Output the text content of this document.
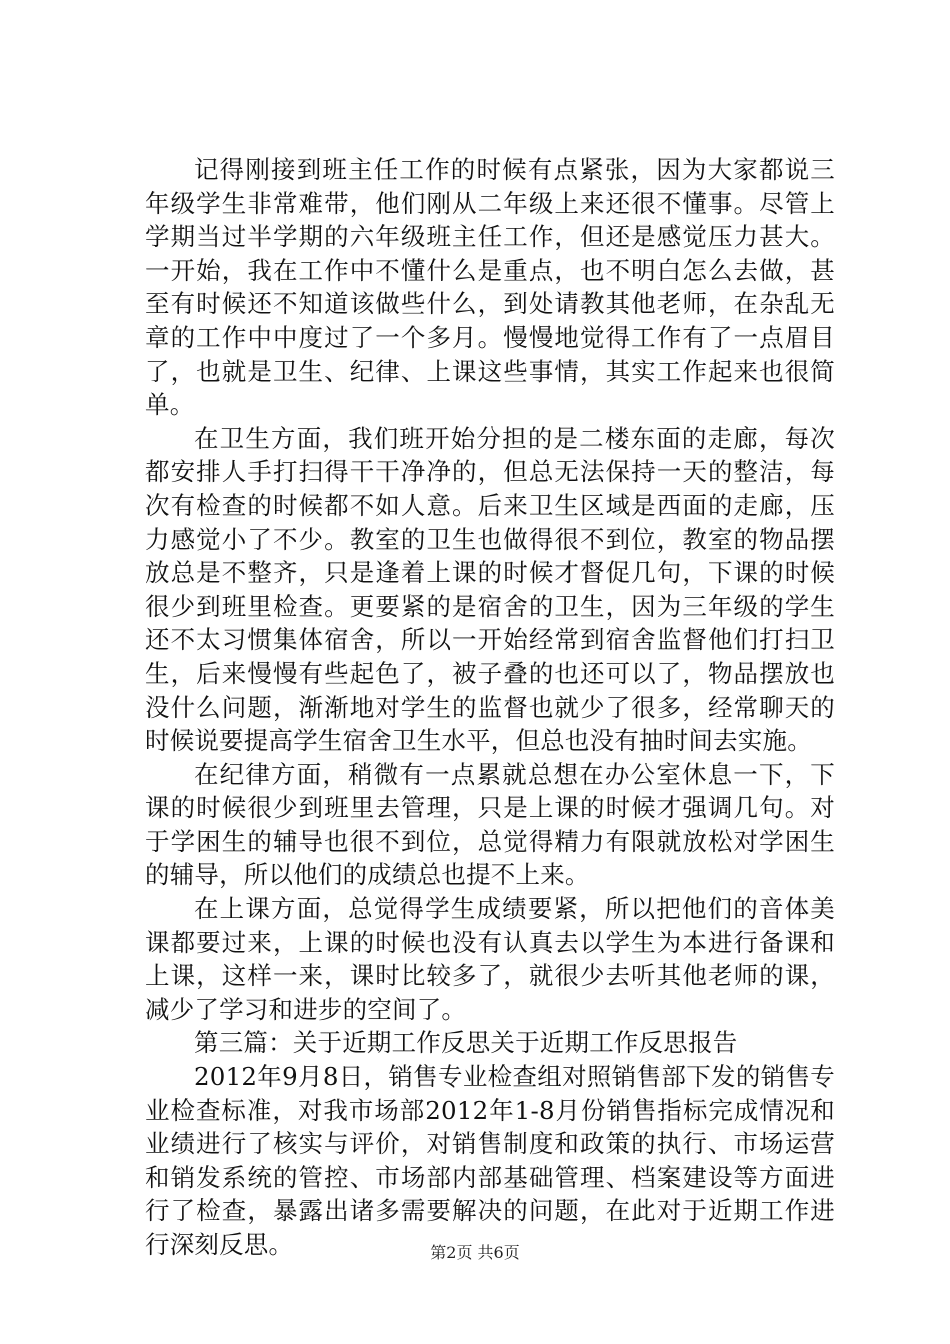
记得刚接到班主任工作的时候有点紧张，因为大家都说三年级学生非常难带，他们刚从二年级上来还很不懂事。尽管上学期当过半学期的六年级班主任工作，但还是感觉压力甚大。一开始，我在工作中不懂什么是重点，也不明白怎么去做，甚至有时候还不知道该做些什么，到处请教其他老师，在杂乱无章的工作中中度过了一个多月。慢慢地觉得工作有了一点眉目了，也就是卫生、纪律、上课这些事情，其实工作起来也很简单。

在卫生方面，我们班开始分担的是二楼东面的走廊，每次都安排人手打扫得干干净净的，但总无法保持一天的整洁，每次有检查的时候都不如人意。后来卫生区域是西面的走廊，压力感觉小了不少。教室的卫生也做得很不到位，教室的物品摆放总是不整齐，只是逢着上课的时候才督促几句，下课的时候很少到班里检查。更要紧的是宿舍的卫生，因为三年级的学生还不太习惯集体宿舍，所以一开始经常到宿舍监督他们打扫卫生，后来慢慢有些起色了，被子叠的也还可以了，物品摆放也没什么问题，渐渐地对学生的监督也就少了很多，经常聊天的时候说要提高学生宿舍卫生水平，但总也没有抽时间去实施。

在纪律方面，稍微有一点累就总想在办公室休息一下，下课的时候很少到班里去管理，只是上课的时候才强调几句。对于学困生的辅导也很不到位，总觉得精力有限就放松对学困生的辅导，所以他们的成绩总也提不上来。

在上课方面，总觉得学生成绩要紧，所以把他们的音体美课都要过来，上课的时候也没有认真去以学生为本进行备课和上课，这样一来，课时比较多了，就很少去听其他老师的课，减少了学习和进步的空间了。

第三篇：关于近期工作反思关于近期工作反思报告

2012年9月8日，销售专业检查组对照销售部下发的销售专业检查标准，对我市场部2012年1-8月份销售指标完成情况和业绩进行了核实与评价，对销售制度和政策的执行、市场运营和销发系统的管控、市场部内部基础管理、档案建设等方面进行了检查，暴露出诸多需要解决的问题，在此对于近期工作进行深刻反思。	第2页 共6页
